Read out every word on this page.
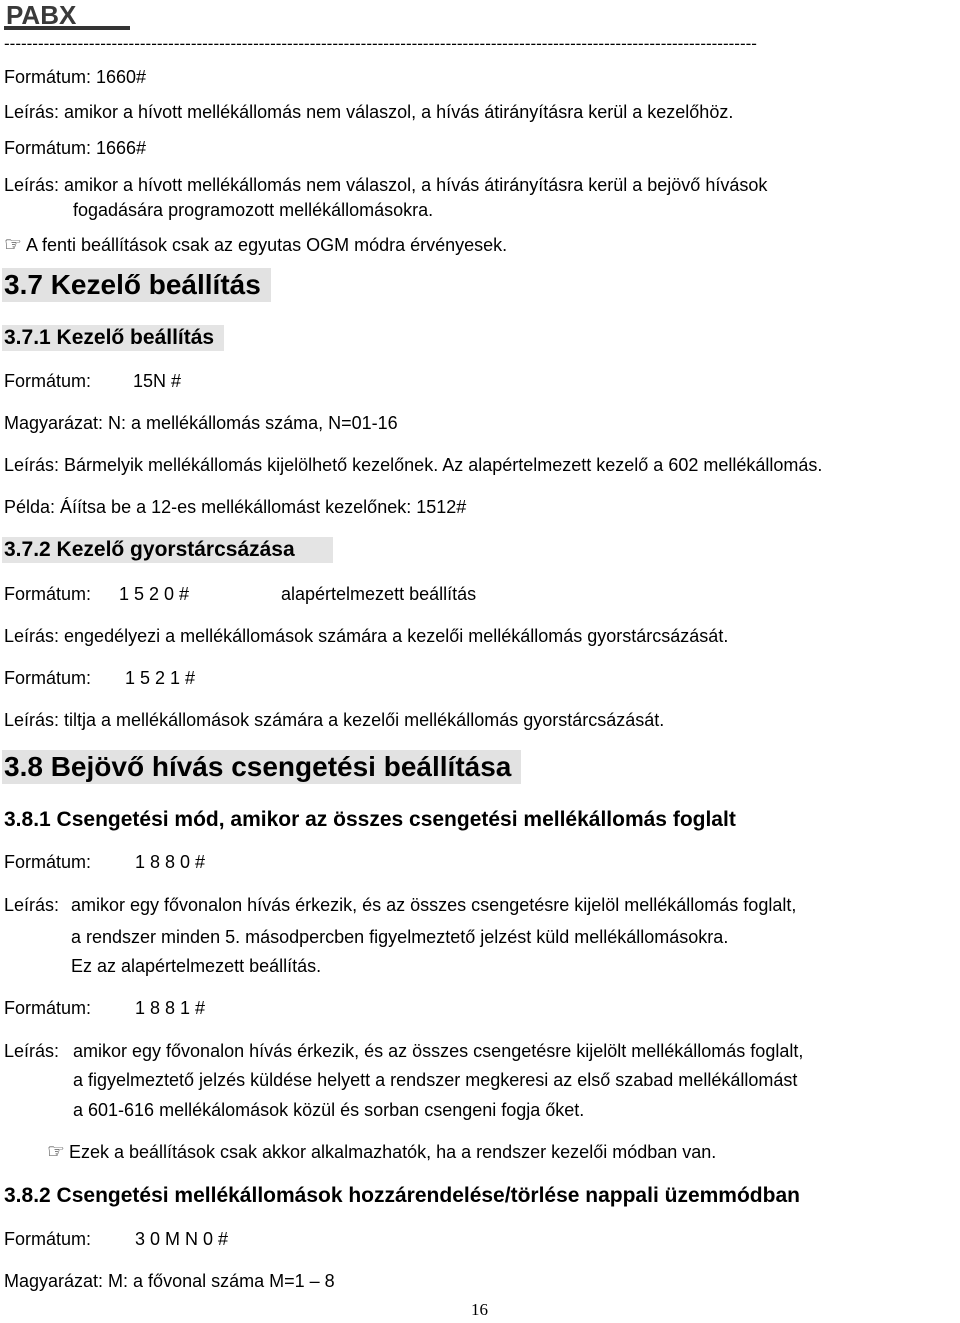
PABX
-------------------------------------------------------------------------------------------------------------------------------------
Formátum: 1660#
Leírás: amikor a hívott mellékállomás nem válaszol, a hívás átirányításra kerül a kezelőhöz.
Formátum: 1666#
Leírás: amikor a hívott mellékállomás nem válaszol, a hívás átirányításra kerül a bejövő hívások
fogadására programozott mellékállomásokra.
☞ A fenti beállítások csak az egyutas OGM módra érvényesek.
3.7 Kezelő beállítás
3.7.1 Kezelő beállítás
Formátum: 15N #
Magyarázat: N: a mellékállomás száma, N=01-16
Leírás: Bármelyik mellékállomás kijelölhető kezelőnek. Az alapértelmezett kezelő a 602 mellékállomás.
Példa: Áíítsa be a 12-es mellékállomást kezelőnek: 1512#
3.7.2 Kezelő gyorstárcsázása
Formátum: 1 5 2 0 #	alapértelmezett beállítás
Leírás: engedélyezi a mellékállomások számára a kezelői mellékállomás gyorstárcsázását.
Formátum: 1 5 2 1 #
Leírás: tiltja a mellékállomások számára a kezelői mellékállomás gyorstárcsázását.
3.8 Bejövő hívás csengetési beállítása
3.8.1 Csengetési mód, amikor az összes csengetési mellékállomás foglalt
Formátum: 1 8 8 0 #
Leírás: amikor egy fővonalon hívás érkezik, és az összes csengetésre kijelöl mellékállomás foglalt,
a rendszer minden 5. másodpercben figyelmeztető jelzést küld mellékállomásokra.
Ez az alapértelmezett beállítás.
Formátum: 1 8 8 1 #
Leírás: amikor egy fővonalon hívás érkezik, és az összes csengetésre kijelölt mellékállomás foglalt,
a figyelmeztető jelzés küldése helyett a rendszer megkeresi az első szabad mellékállomást
a 601-616 mellékálomások közül és sorban csengeni fogja őket.
☞ Ezek a beállítások csak akkor alkalmazhatók, ha a rendszer kezelői módban van.
3.8.2 Csengetési mellékállomások hozzárendelése/törlése nappali üzemmódban
Formátum: 3 0 M N 0 #
Magyarázat: M: a fővonal száma M=1 – 8
16
